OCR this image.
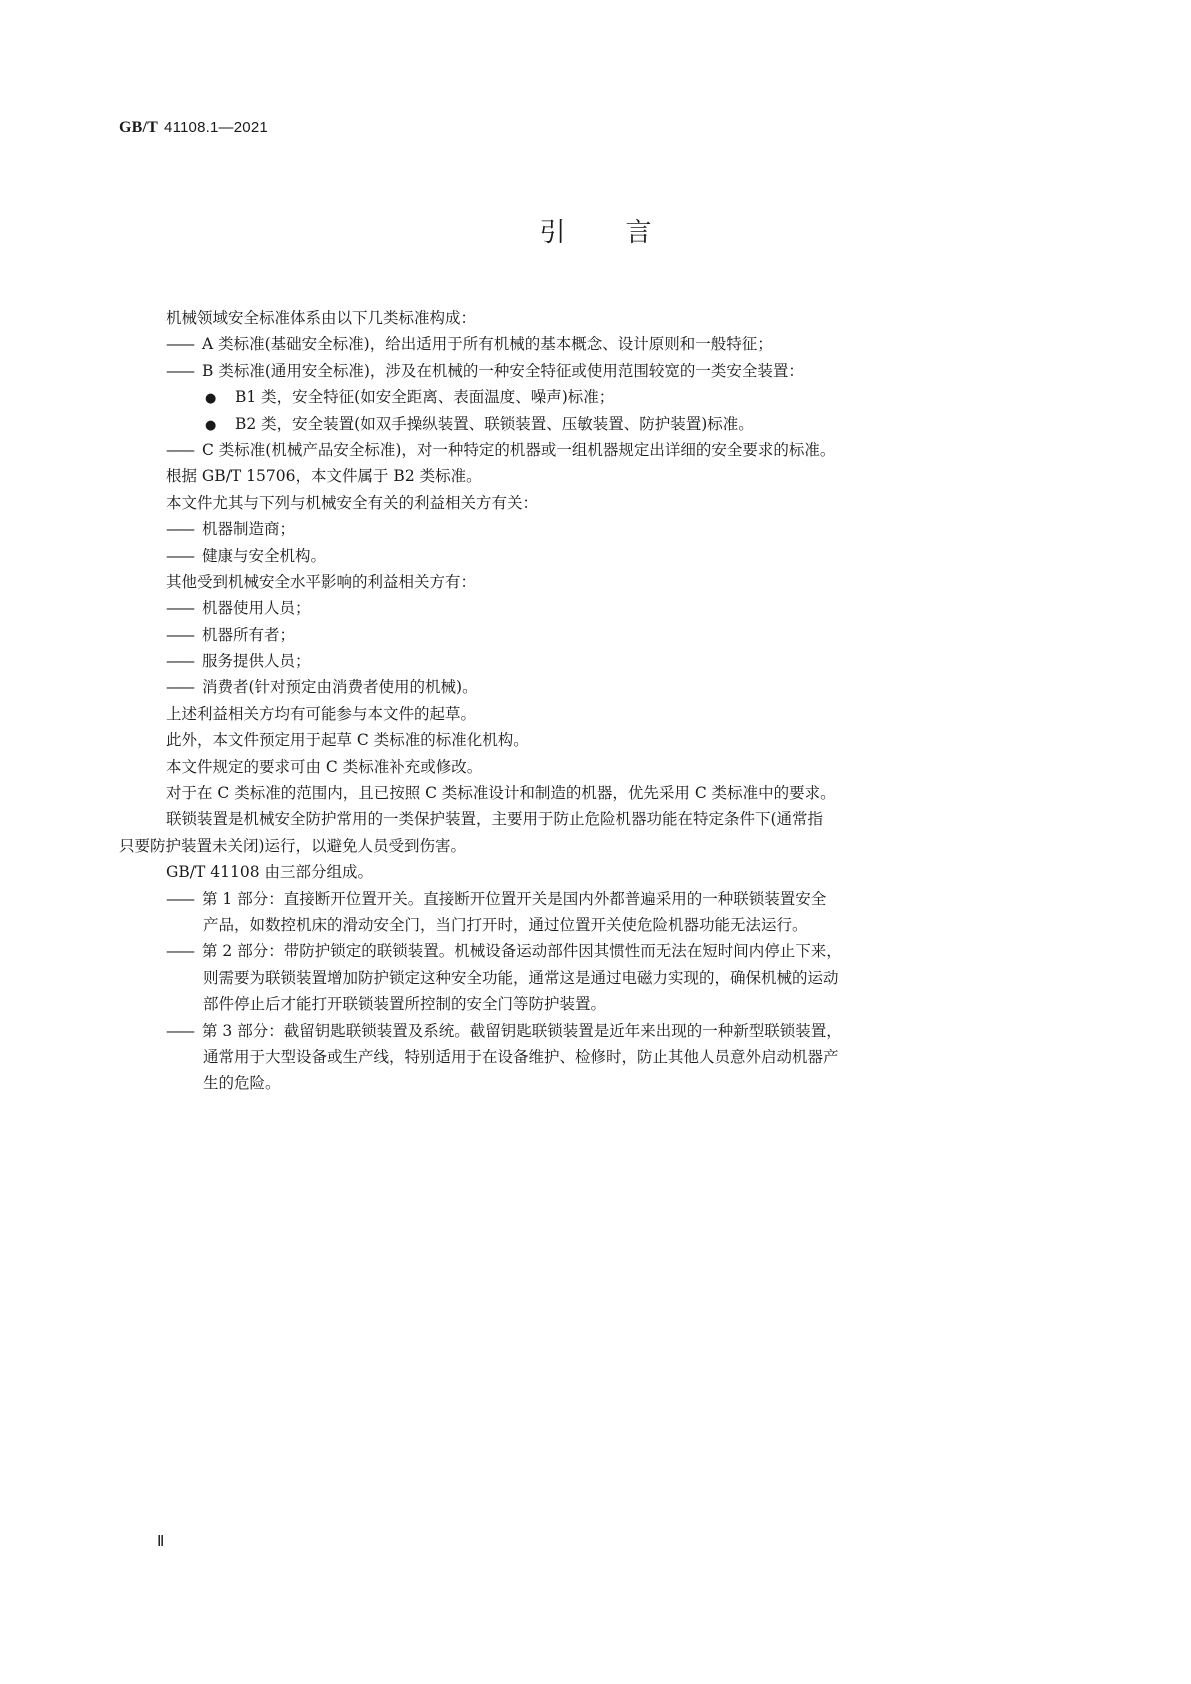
GB/T 41108.1—2021
引言
机械领域安全标准体系由以下几类标准构成：
—— A 类标准(基础安全标准)，给出适用于所有机械的基本概念、设计原则和一般特征；
—— B 类标准(通用安全标准)，涉及在机械的一种安全特征或使用范围较宽的一类安全装置：
● B1 类，安全特征(如安全距离、表面温度、噪声)标准；
● B2 类，安全装置(如双手操纵装置、联锁装置、压敏装置、防护装置)标准。
—— C 类标准(机械产品安全标准)，对一种特定的机器或一组机器规定出详细的安全要求的标准。
根据 GB/T 15706，本文件属于 B2 类标准。
本文件尤其与下列与机械安全有关的利益相关方有关：
—— 机器制造商；
—— 健康与安全机构。
其他受到机械安全水平影响的利益相关方有：
—— 机器使用人员；
—— 机器所有者；
—— 服务提供人员；
—— 消费者(针对预定由消费者使用的机械)。
上述利益相关方均有可能参与本文件的起草。
此外，本文件预定用于起草 C 类标准的标准化机构。
本文件规定的要求可由 C 类标准补充或修改。
对于在 C 类标准的范围内，且已按照 C 类标准设计和制造的机器，优先采用 C 类标准中的要求。
联锁装置是机械安全防护常用的一类保护装置，主要用于防止危险机器功能在特定条件下(通常指
只要防护装置未关闭)运行，以避免人员受到伤害。
GB/T 41108 由三部分组成。
—— 第 1 部分：直接断开位置开关。直接断开位置开关是国内外都普遍采用的一种联锁装置安全
产品，如数控机床的滑动安全门，当门打开时，通过位置开关使危险机器功能无法运行。
—— 第 2 部分：带防护锁定的联锁装置。机械设备运动部件因其惯性而无法在短时间内停止下来，
则需要为联锁装置增加防护锁定这种安全功能，通常这是通过电磁力实现的，确保机械的运动
部件停止后才能打开联锁装置所控制的安全门等防护装置。
—— 第 3 部分：截留钥匙联锁装置及系统。截留钥匙联锁装置是近年来出现的一种新型联锁装置，
通常用于大型设备或生产线，特别适用于在设备维护、检修时，防止其他人员意外启动机器产
生的危险。
Ⅱ
